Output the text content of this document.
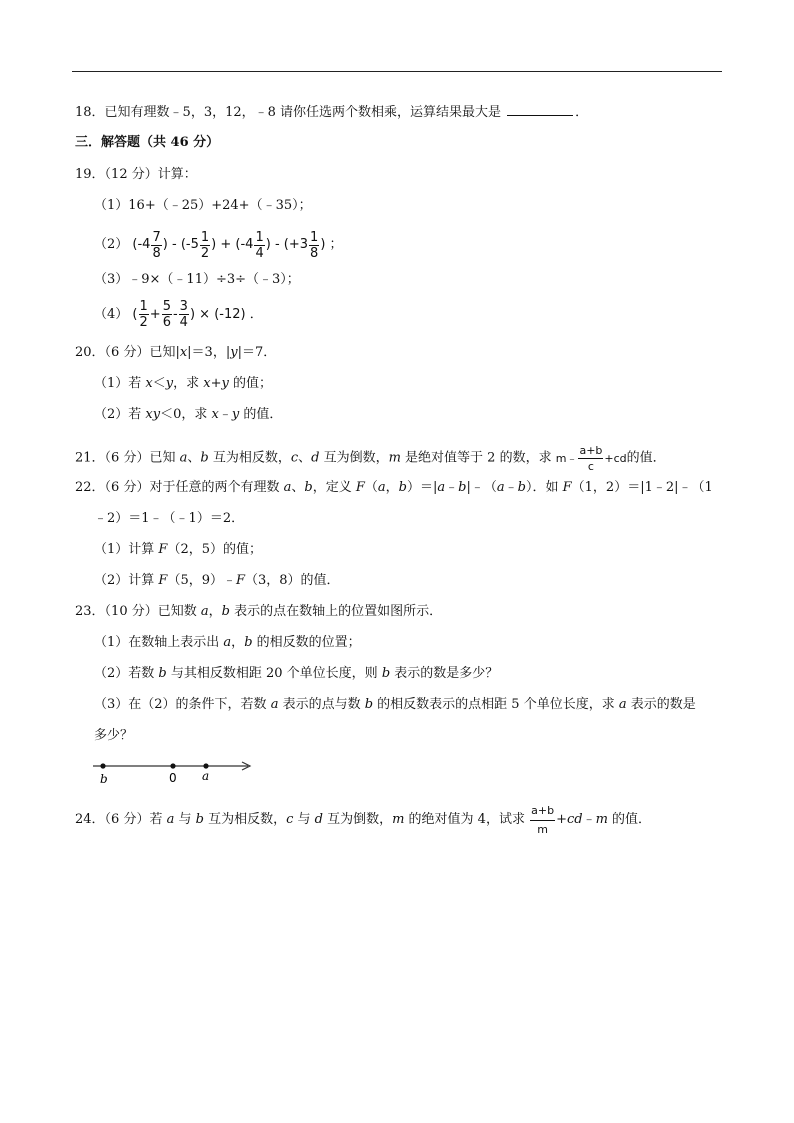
18．已知有理数﹣5，3，12，﹣8 请你任选两个数相乘，运算结果最大是	．
三．解答题（共 46 分）
19．（12 分）计算：
（1）16+（﹣25）+24+（﹣35）；
（2） ($-4 \frac{7}{8}$ ) - ($-5 \frac{1}{2}$ ) + ($-4 \frac{1}{4}$ ) - ($+3 \frac{1}{8}$ ) ；
（3）﹣9×（﹣11）÷3÷（﹣3）；
（4） ( $\frac{1}{2} + \frac{5}{6} - \frac{3}{4}$ ) × (-12) ．
20．（6 分）已知|x|＝3，|y|＝7．
（1）若 x＜y，求 x+y 的值；
（2）若 xy＜0，求 x﹣y 的值．
21．（6 分）已知 a、b 互为相反数，c、d 互为倒数，m 是绝对值等于 2 的数，求 m﹣ $\frac{a+b}{c} +cd$的值．
22．（6 分）对于任意的两个有理数 a、b，定义 F（a，b）＝|a﹣b|﹣（a﹣b）．如 F（1，2）＝|1﹣2|﹣（1
﹣2）＝1﹣（﹣1）＝2．
（1）计算 F（2，5）的值；
（2）计算 F（5，9）﹣F（3，8）的值．
23．（10 分）已知数 a，b 表示的点在数轴上的位置如图所示．
（1）在数轴上表示出 a，b 的相反数的位置；
（2）若数 b 与其相反数相距 20 个单位长度，则 b 表示的数是多少？
（3）在（2）的条件下，若数 a 表示的点与数 b 的相反数表示的点相距 5 个单位长度，求 a 表示的数是
多少？
b	0 a
24．（6 分）若 a 与 b 互为相反数，c 与 d 互为倒数，m 的绝对值为 4，试求 $\frac{a+b}{m}$ +cd﹣m 的值．
